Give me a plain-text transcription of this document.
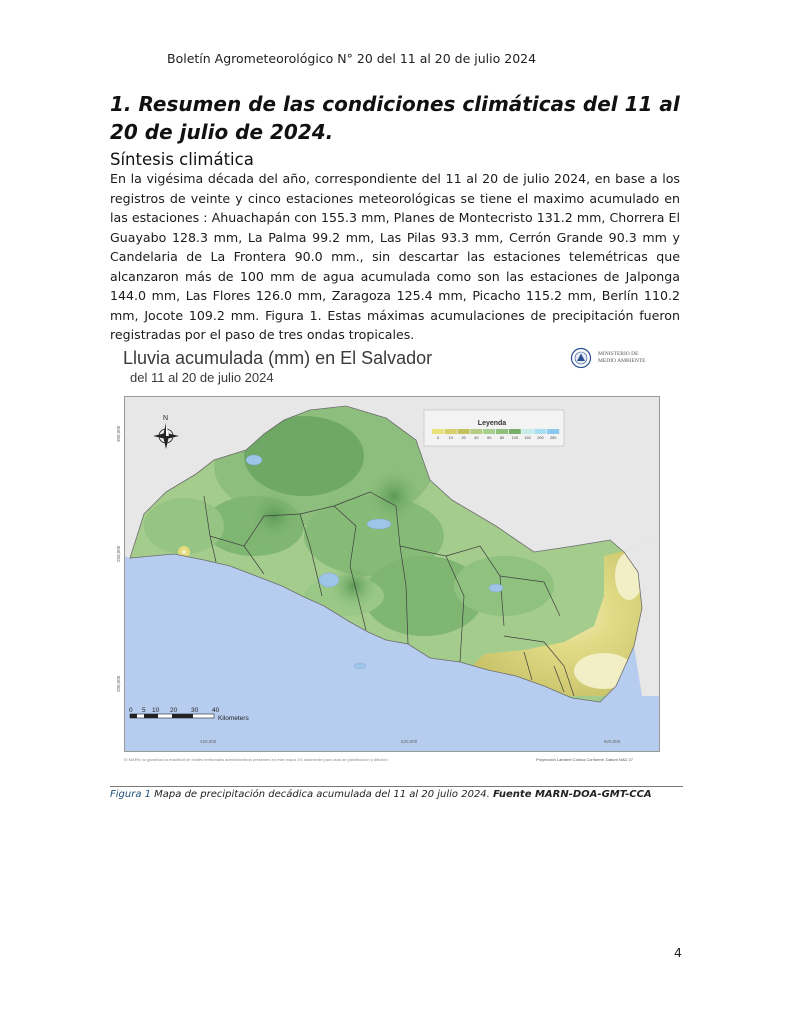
Boletín Agrometeorológico N° 20 del 11 al 20 de julio 2024
1. Resumen de las condiciones climáticas del 11 al 20 de julio de 2024.
Síntesis climática
En la vigésima década del año, correspondiente del 11 al 20 de julio 2024, en base a los registros de veinte y cinco estaciones meteorológicas se tiene el maximo acumulado en las estaciones : Ahuachapán con 155.3 mm, Planes de Montecristo 131.2 mm, Chorrera El Guayabo 128.3 mm, La Palma 99.2 mm, Las Pilas 93.3 mm, Cerrón Grande 90.3 mm y Candelaria de La Frontera 90.0 mm., sin descartar las estaciones telemétricas que alcanzaron más de 100 mm de agua acumulada como son las estaciones de Jalponga 144.0 mm, Las Flores 126.0 mm, Zaragoza 125.4 mm, Picacho 115.2 mm, Berlín 110.2 mm, Jocote 109.2 mm. Figura 1. Estas máximas acumulaciones de precipitación fueron registradas por el paso de tres ondas tropicales.
Lluvia acumulada (mm) en El Salvador
del 11 al 20 de julio 2024
MINISTERIO DE
MEDIO AMBIENTE
300,000
250,000
200,000
420,000	520,000	620,000
N
Leyenda
0	10 20 40 60 80 100 150 200 250
0 5 10 20 30 40
Kilometers
El MARN no garantiza la exactitud de límites territoriales administrativos presentes en este mapa. Es solamente para usos de planificación y difusión.	Proyección Lambert Cónica Conforme, Datum NAD 27
Figura 1 Mapa de precipitación decádica acumulada del 11 al 20 julio 2024. Fuente MARN-DOA-GMT-CCA
4
